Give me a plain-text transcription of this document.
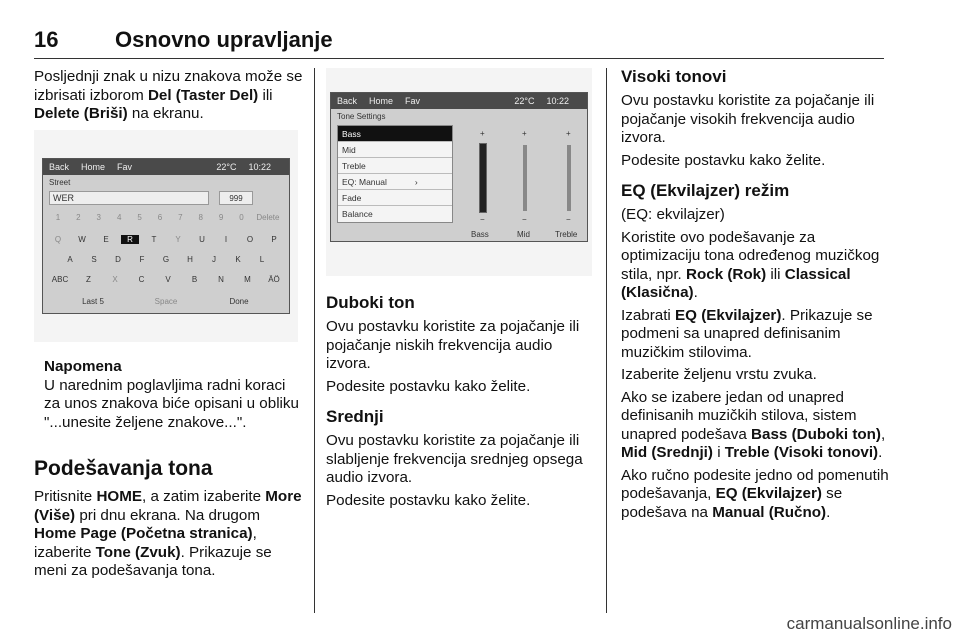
16	Osnovno upravljanje

Posljednji znak u nizu znakova može se izbrisati izborom Del (Taster Del) ili Delete (Briši) na ekranu.

Back Home Fav	22°C 10:22
Street
WER	999
1	2	3	4	5	6	7	8	9	0	Delete
Q	W	E	R	T	Y	U	I	O	P
A	S	D	F	G	H	J	K	L
ABC	Z	X	C	V	B	N	M	ÄÖ
Last 5	Space	Done

Napomena
U narednim poglavljima radni koraci za unos znakova biće opisani u obliku "...unesite željene znakove...".

Podešavanja tona

Pritisnite HOME, a zatim izaberite More (Više) pri dnu ekrana. Na drugom Home Page (Početna stranica), izaberite Tone (Zvuk). Prikazuje se meni za podešavanja tona.

Back Home Fav	22°C 10:22
Tone Settings
Bass
Mid
Treble
EQ: Manual	›
Fade
Balance
+
−
+
−
+
−
Bass	Mid	Treble
Duboki ton

Ovu postavku koristite za pojačanje ili pojačanje niskih frekvencija audio izvora.

Podesite postavku kako želite.

Srednji

Ovu postavku koristite za pojačanje ili slabljenje frekvencija srednjeg opsega audio izvora.

Podesite postavku kako želite.

Visoki tonovi

Ovu postavku koristite za pojačanje ili pojačanje visokih frekvencija audio izvora.

Podesite postavku kako želite.

EQ (Ekvilajzer) režim

(EQ: ekvilajzer)

Koristite ovo podešavanje za optimizaciju tona određenog muzičkog stila, npr. Rock (Rok) ili Classical (Klasična).

Izabrati EQ (Ekvilajzer). Prikazuje se podmeni sa unapred definisanim muzičkim stilovima.

Izaberite željenu vrstu zvuka.

Ako se izabere jedan od unapred definisanih muzičkih stilova, sistem unapred podešava Bass (Duboki ton), Mid (Srednji) i Treble (Visoki tonovi).

Ako ručno podesite jedno od pomenutih podešavanja, EQ (Ekvilajzer) se podešava na Manual (Ručno).

carmanualsonline.info
